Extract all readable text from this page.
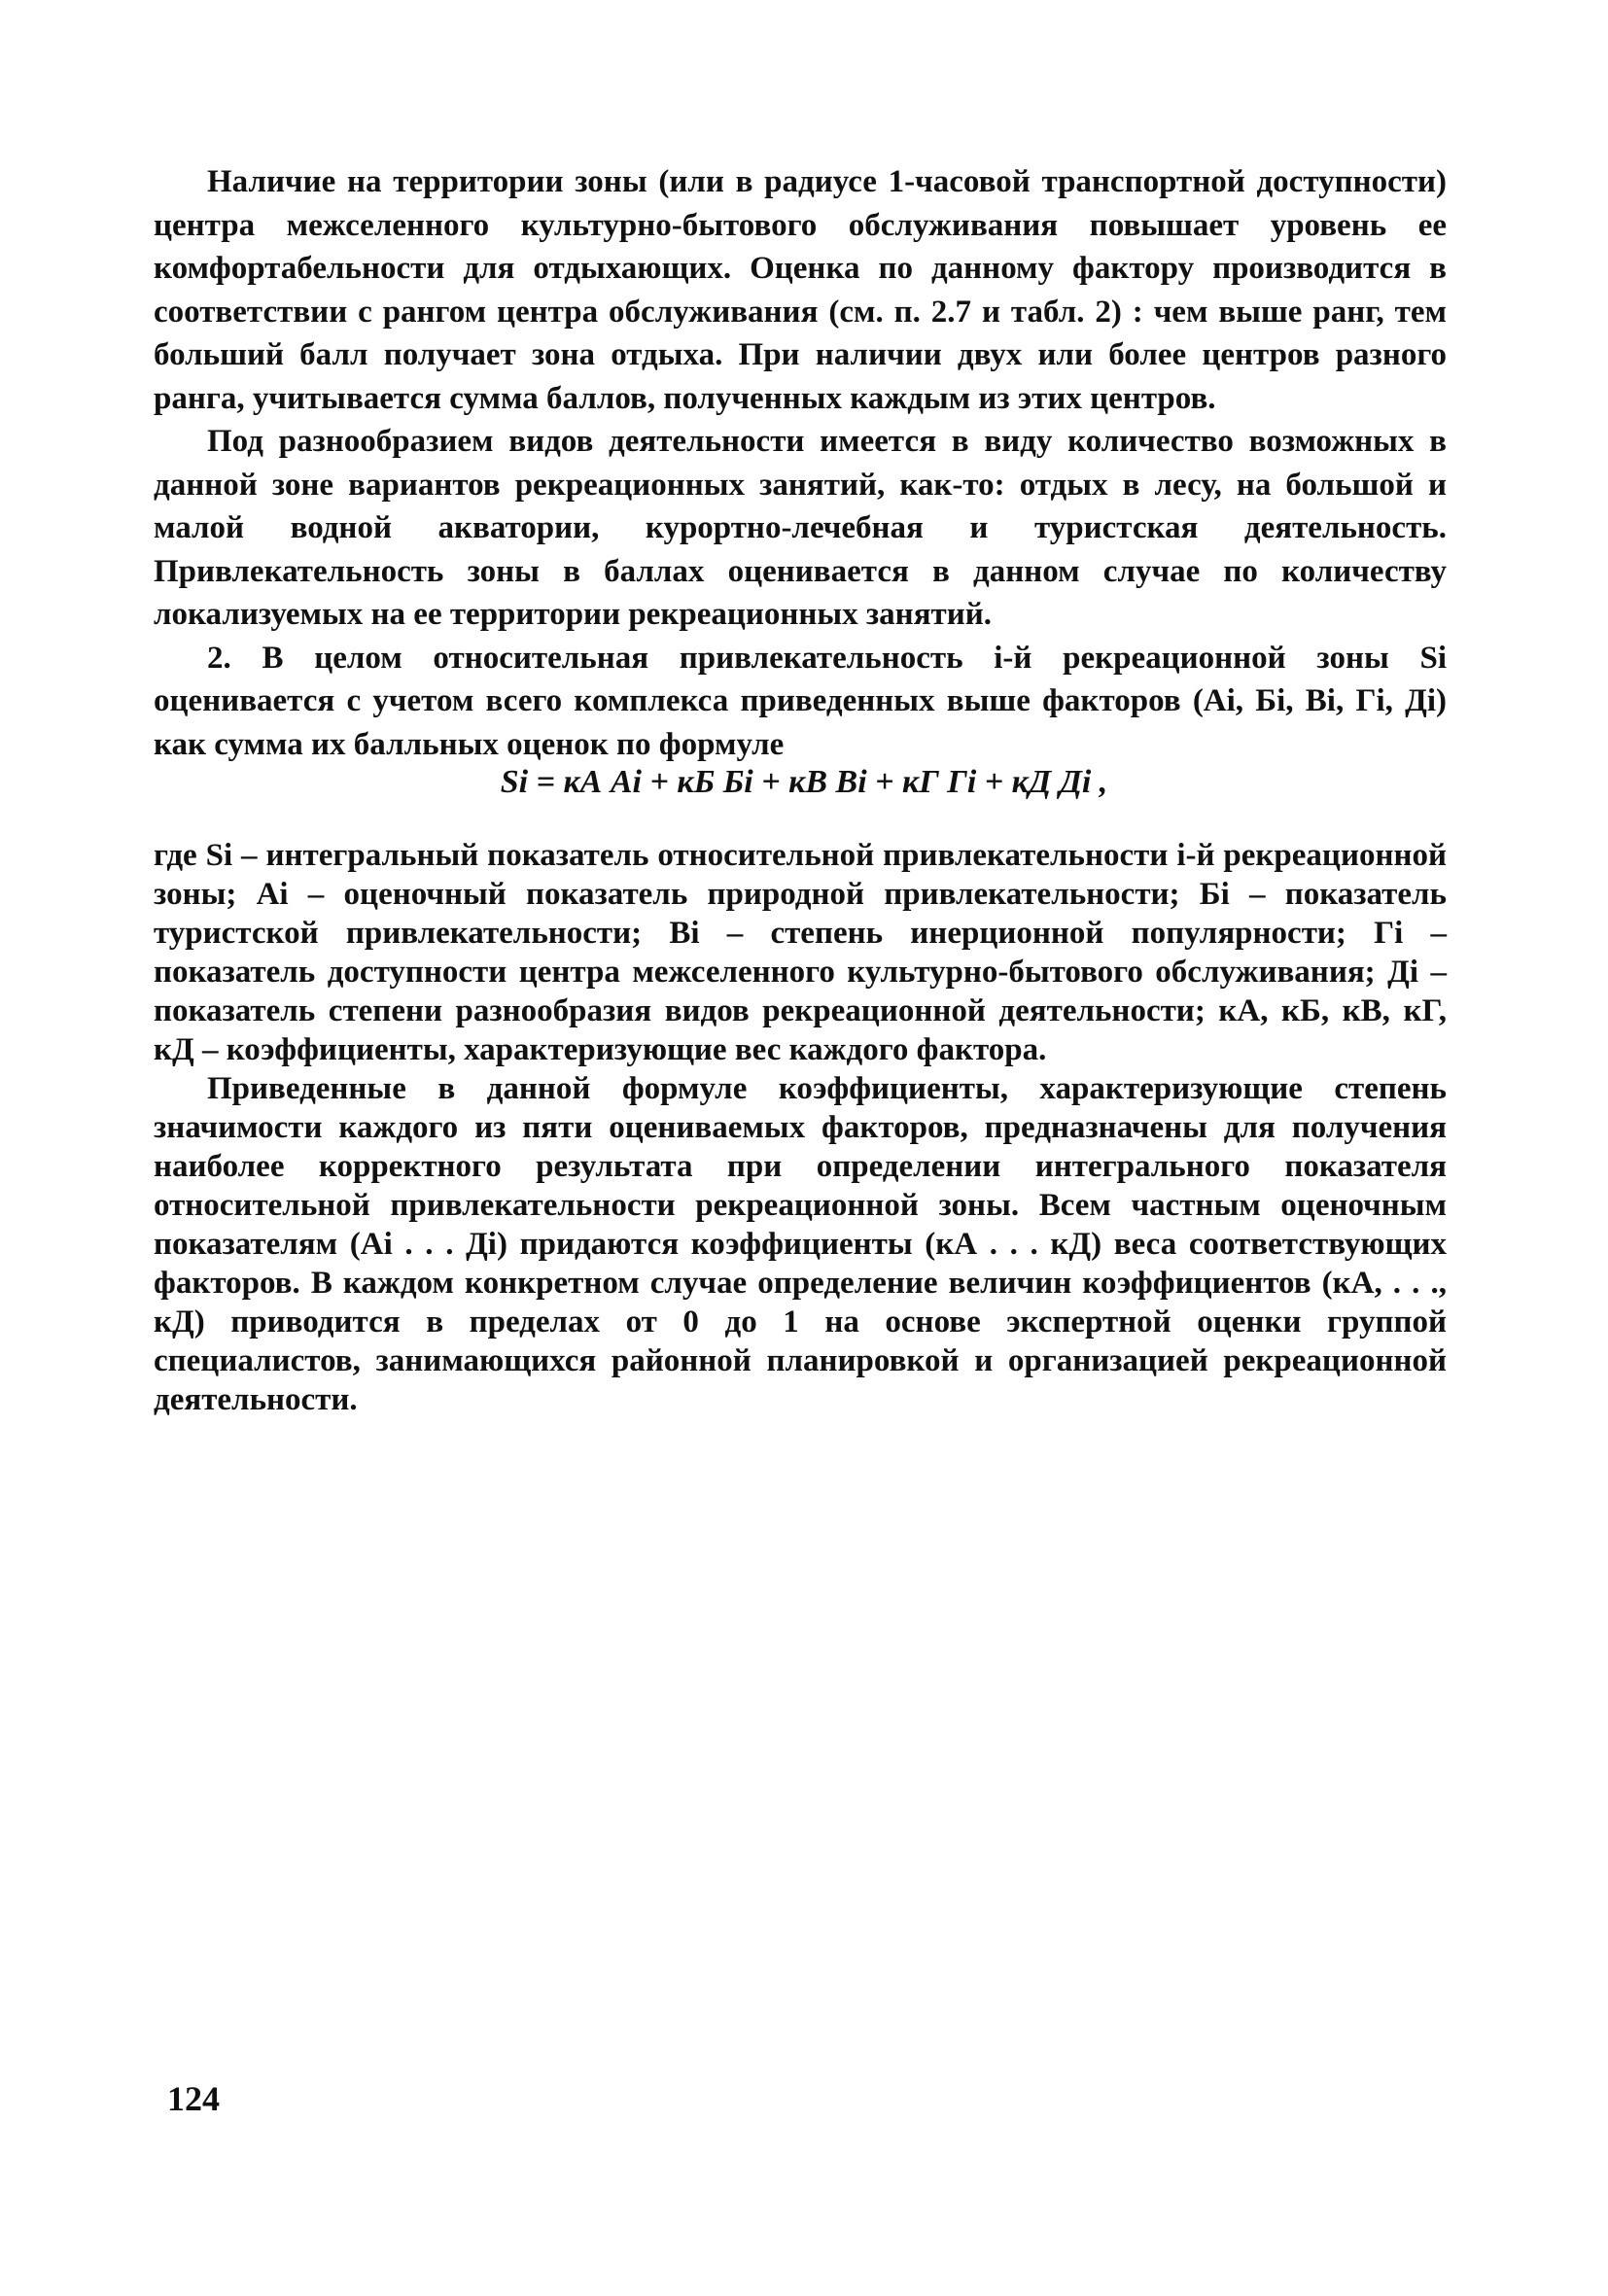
Наличие на территории зоны (или в радиусе 1-часовой транспортной доступности) центра межселенного культурно-бытового обслуживания повышает уровень ее комфортабельности для отдыхающих. Оценка по данному фактору производится в соответствии с рангом центра обслуживания (см. п. 2.7 и табл. 2) : чем выше ранг, тем больший балл получает зона отдыха. При наличии двух или более центров разного ранга, учитывается сумма баллов, полученных каждым из этих центров.

Под разнообразием видов деятельности имеется в виду количество возможных в данной зоне вариантов рекреационных занятий, как-то: отдых в лесу, на большой и малой водной акватории, курортно-лечебная и туристская деятельность. Привлекательность зоны в баллах оценивается в данном случае по количеству локализуемых на ее территории рекреационных занятий.

2. В целом относительная привлекательность i-й рекреационной зоны Si оценивается с учетом всего комплекса приведенных выше факторов (Ai, Бi, Вi, Гi, Дi) как сумма их балльных оценок по формуле

Si = кА Ai + кБ Бi + кВ Вi + кГ Гi + кД Дi ,

где Si – интегральный показатель относительной привлекательности i-й рекреационной зоны; Ai – оценочный показатель природной привлекательности; Бi – показатель туристской привлекательности; Вi – степень инерционной популярности; Гi – показатель доступности центра межселенного культурно-бытового обслуживания; Дi – показатель степени разнообразия видов рекреационной деятельности; кА, кБ, кВ, кГ, кД – коэффициенты, характеризующие вес каждого фактора.

Приведенные в данной формуле коэффициенты, характеризующие степень значимости каждого из пяти оцениваемых факторов, предназначены для получения наиболее корректного результата при определении интегрального показателя относительной привлекательности рекреационной зоны. Всем частным оценочным показателям (Ai . . . Дi) придаются коэффициенты (кА . . . кД) веса соответствующих факторов. В каждом конкретном случае определение величин коэффициентов (кА, . . ., кД) приводится в пределах от 0 до 1 на основе экспертной оценки группой специалистов, занимающихся районной планировкой и организацией рекреационной деятельности.

124
